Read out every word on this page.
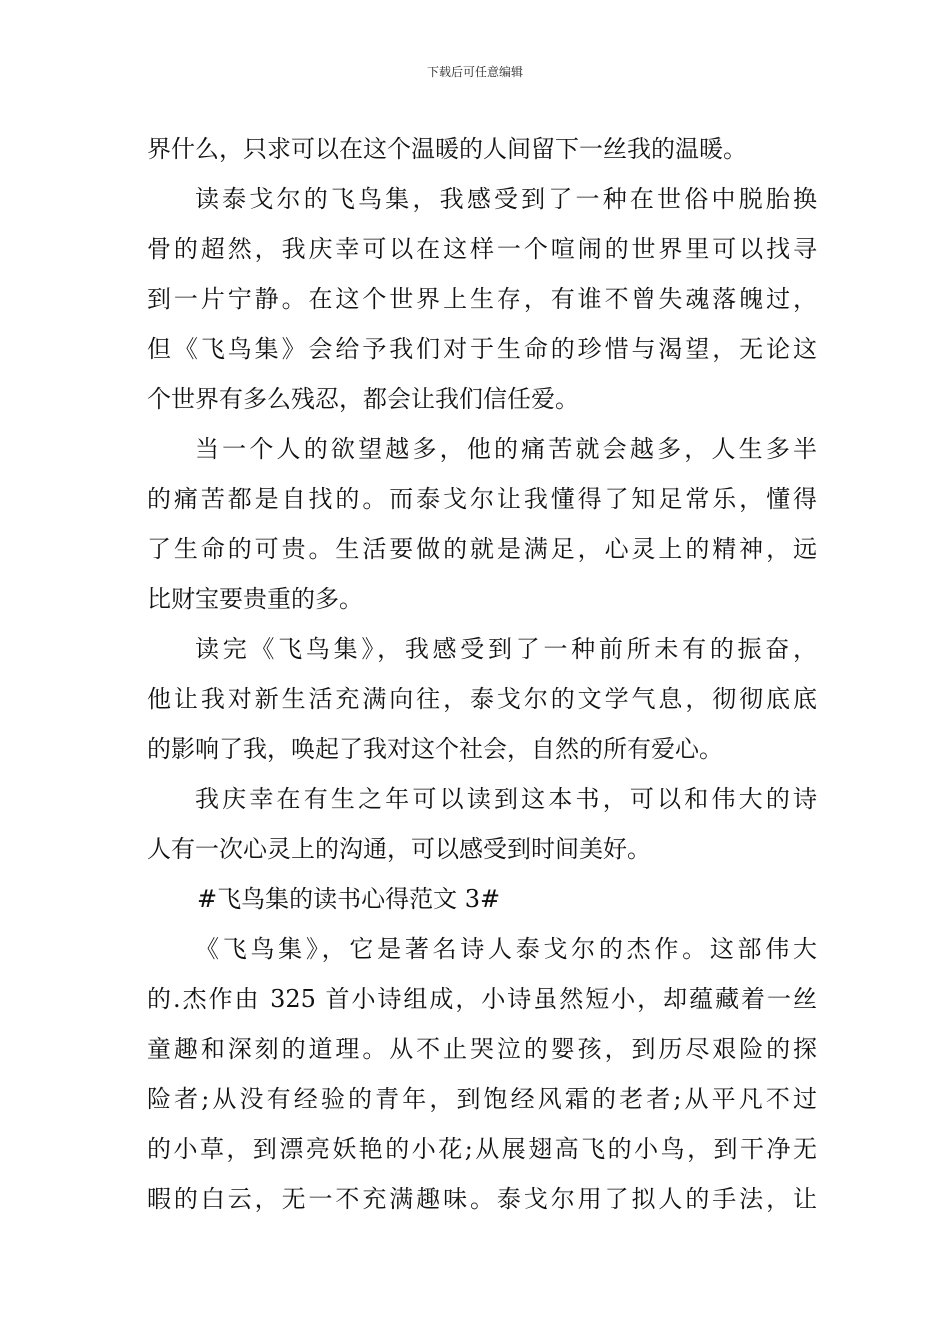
下载后可任意编辑
界什么，只求可以在这个温暖的人间留下一丝我的温暖。
读泰戈尔的飞鸟集，我感受到了一种在世俗中脱胎换
骨的超然，我庆幸可以在这样一个喧闹的世界里可以找寻
到一片宁静。在这个世界上生存，有谁不曾失魂落魄过，
但《飞鸟集》会给予我们对于生命的珍惜与渴望，无论这
个世界有多么残忍，都会让我们信任爱。
当一个人的欲望越多，他的痛苦就会越多，人生多半
的痛苦都是自找的。而泰戈尔让我懂得了知足常乐，懂得
了生命的可贵。生活要做的就是满足，心灵上的精神，远
比财宝要贵重的多。
读完《飞鸟集》，我感受到了一种前所未有的振奋，
他让我对新生活充满向往，泰戈尔的文学气息，彻彻底底
的影响了我，唤起了我对这个社会，自然的所有爱心。
我庆幸在有生之年可以读到这本书，可以和伟大的诗
人有一次心灵上的沟通，可以感受到时间美好。
#飞鸟集的读书心得范文 3#
《飞鸟集》，它是著名诗人泰戈尔的杰作。这部伟大
的.杰作由 325 首小诗组成，小诗虽然短小，却蕴藏着一丝
童趣和深刻的道理。从不止哭泣的婴孩，到历尽艰险的探
险者;从没有经验的青年，到饱经风霜的老者;从平凡不过
的小草，到漂亮妖艳的小花;从展翅高飞的小鸟，到干净无
暇的白云，无一不充满趣味。泰戈尔用了拟人的手法，让
